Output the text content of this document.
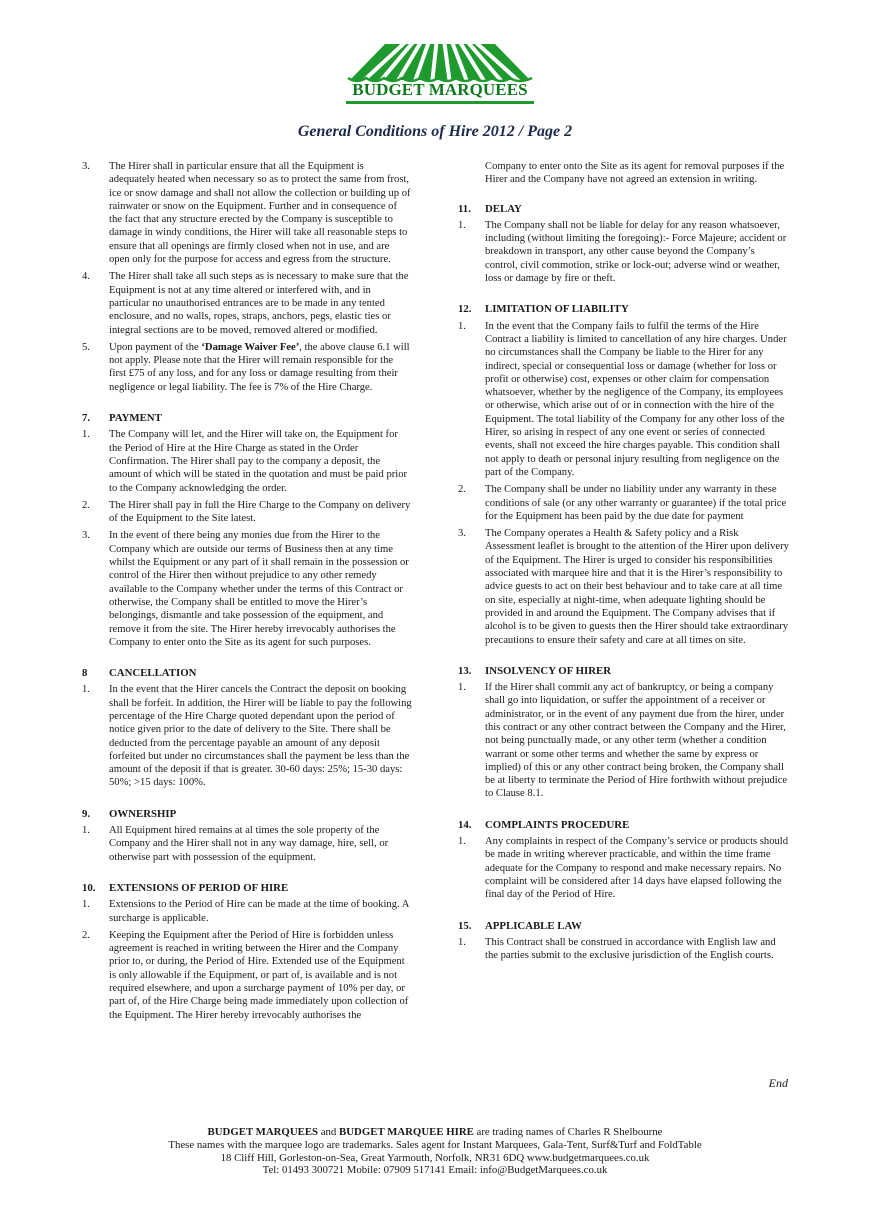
BUDGET MARQUEES
General Conditions of Hire 2012 / Page 2
3.	The Hirer shall in particular ensure that all the Equipment is adequately heated when necessary so as to protect the same from frost, ice or snow damage and shall not allow the collection or building up of rainwater or snow on the Equipment. Further and in consequence of the fact that any structure erected by the Company is susceptible to damage in windy conditions, the Hirer will take all reasonable steps to ensure that all openings are firmly closed when not in use, and are open only for the purpose for access and egress from the structure.
4.	The Hirer shall take all such steps as is necessary to make sure that the Equipment is not at any time altered or interfered with, and in particular no unauthorised entrances are to be made in any tented enclosure, and no walls, ropes, straps, anchors, pegs, elastic ties or integral sections are to be moved, removed altered or modified.
5.	Upon payment of the ‘Damage Waiver Fee’, the above clause 6.1 will not apply. Please note that the Hirer will remain responsible for the first £75 of any loss, and for any loss or damage resulting from their negligence or legal liability. The fee is 7% of the Hire Charge.
7.	PAYMENT
1.	The Company will let, and the Hirer will take on, the Equipment for the Period of Hire at the Hire Charge as stated in the Order Confirmation. The Hirer shall pay to the company a deposit, the amount of which will be stated in the quotation and must be paid prior to the Company acknowledging the order.
2.	The Hirer shall pay in full the Hire Charge to the Company on delivery of the Equipment to the Site latest.
3.	In the event of there being any monies due from the Hirer to the Company which are outside our terms of Business then at any time whilst the Equipment or any part of it shall remain in the possession or control of the Hirer then without prejudice to any other remedy available to the Company whether under the terms of this Contract or otherwise, the Company shall be entitled to move the Hirer’s belongings, dismantle and take possession of the equipment, and remove it from the site. The Hirer hereby irrevocably authorises the Company to enter onto the Site as its agent for such purposes.
8	CANCELLATION
1.	In the event that the Hirer cancels the Contract the deposit on booking shall be forfeit. In addition, the Hirer will be liable to pay the following percentage of the Hire Charge quoted dependant upon the period of notice given prior to the date of delivery to the Site. There shall be deducted from the percentage payable an amount of any deposit forfeited but under no circumstances shall the payment be less than the amount of the deposit if that is greater. 30-60 days: 25%; 15-30 days: 50%; >15 days: 100%.
9.	OWNERSHIP
1.	All Equipment hired remains at al times the sole property of the Company and the Hirer shall not in any way damage, hire, sell, or otherwise part with possession of the equipment.
10.	EXTENSIONS OF PERIOD OF HIRE
1.	Extensions to the Period of Hire can be made at the time of booking. A surcharge is applicable.
2.	Keeping the Equipment after the Period of Hire is forbidden unless agreement is reached in writing between the Hirer and the Company prior to, or during, the Period of Hire. Extended use of the Equipment is only allowable if the Equipment, or part of, is available and is not required elsewhere, and upon a surcharge payment of 10% per day, or part of, of the Hire Charge being made immediately upon collection of the Equipment. The Hirer hereby irrevocably authorises the
Company to enter onto the Site as its agent for removal purposes if the Hirer and the Company have not agreed an extension in writing.
11.	DELAY
1.	The Company shall not be liable for delay for any reason whatsoever, including (without limiting the foregoing):- Force Majeure; accident or breakdown in transport, any other cause beyond the Company’s control, civil commotion, strike or lock-out; adverse wind or weather, loss or damage by fire or theft.
12.	LIMITATION OF LIABILITY
1.	In the event that the Company fails to fulfil the terms of the Hire Contract a liability is limited to cancellation of any hire charges. Under no circumstances shall the Company be liable to the Hirer for any indirect, special or consequential loss or damage (whether for loss or profit or otherwise) cost, expenses or other claim for compensation whatsoever, whether by the negligence of the Company, its employees or otherwise, which arise out of or in connection with the hire of the Equipment. The total liability of the Company for any other loss of the Hirer, so arising in respect of any one event or series of connected events, shall not exceed the hire charges payable. This condition shall not apply to death or personal injury resulting from negligence on the part of the Company.
2.	The Company shall be under no liability under any warranty in these conditions of sale (or any other warranty or guarantee) if the total price for the Equipment has been paid by the due date for payment
3.	The Company operates a Health & Safety policy and a Risk Assessment leaflet is brought to the attention of the Hirer upon delivery of the Equipment. The Hirer is urged to consider his responsibilities associated with marquee hire and that it is the Hirer’s responsibility to advice guests to act on their best behaviour and to take care at all time on site, especially at night-time, when adequate lighting should be provided in and around the Equipment. The Company advises that if alcohol is to be given to guests then the Hirer should take extraordinary precautions to ensure their safety and care at all times on site.
13.	INSOLVENCY OF HIRER
1.	If the Hirer shall commit any act of bankruptcy, or being a company shall go into liquidation, or suffer the appointment of a receiver or administrator, or in the event of any payment due from the hirer, under this contract or any other contract between the Company and the Hirer, not being punctually made, or any other term (whether a condition warrant or some other terms and whether the same by express or implied) of this or any other contract being broken, the Company shall be at liberty to terminate the Period of Hire forthwith without prejudice to Clause 8.1.
14.	COMPLAINTS PROCEDURE
1.	Any complaints in respect of the Company’s service or products should be made in writing wherever practicable, and within the time frame adequate for the Company to respond and make necessary repairs. No complaint will be considered after 14 days have elapsed following the final day of the Period of Hire.
15.	APPLICABLE LAW
1.	This Contract shall be construed in accordance with English law and the parties submit to the exclusive jurisdiction of the English courts.
End
BUDGET MARQUEES and BUDGET MARQUEE HIRE are trading names of Charles R Shelbourne
These names with the marquee logo are trademarks. Sales agent for Instant Marquees, Gala-Tent, Surf&Turf and FoldTable
18 Cliff Hill, Gorleston-on-Sea, Great Yarmouth, Norfolk, NR31 6DQ www.budgetmarquees.co.uk
Tel: 01493 300721 Mobile: 07909 517141 Email: info@BudgetMarquees.co.uk
